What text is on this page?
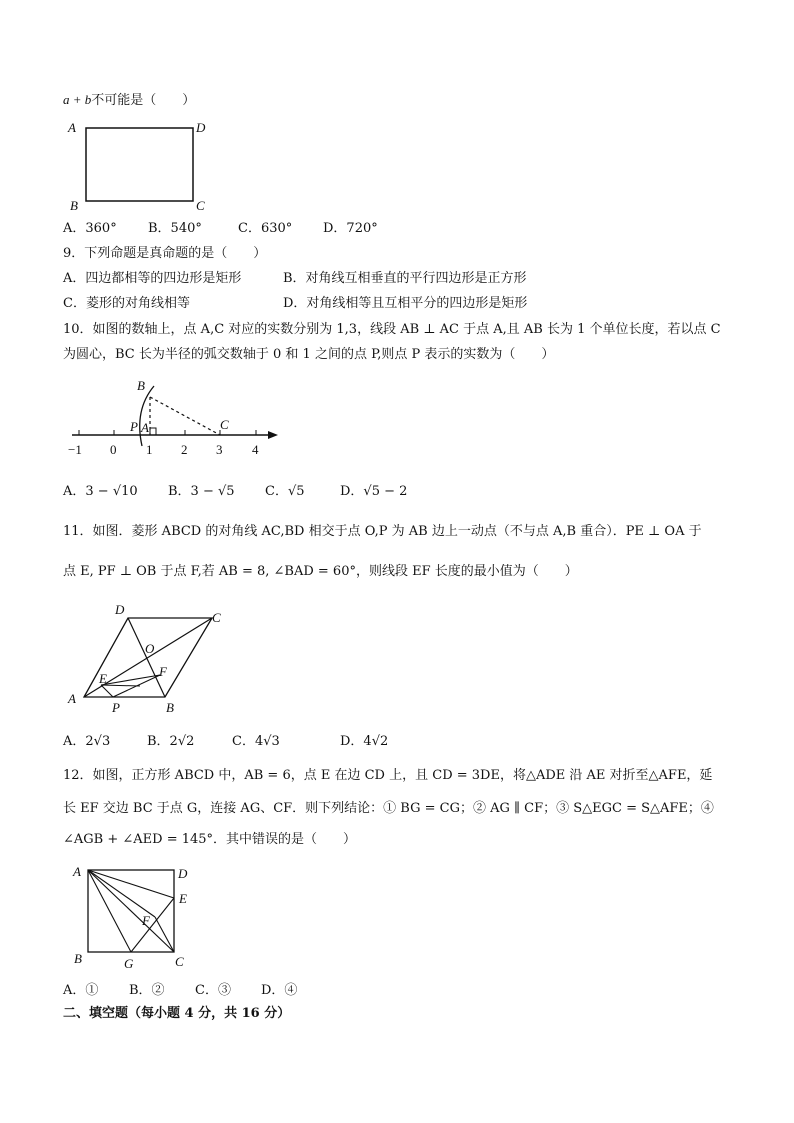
a + b不可能是（　　）
A	D
B	C
A．360° B．540°	C．630° D．720°
9．下列命题是真命题的是（　　）
A．四边都相等的四边形是矩形	B．对角线互相垂直的平行四边形是正方形
C．菱形的对角线相等	D．对角线相等且互相平分的四边形是矩形
10．如图的数轴上，点 A,C 对应的实数分别为 1,3，线段 AB ⊥ AC 于点 A,且 AB 长为 1 个单位长度，若以点 C
为圆心，BC 长为半径的弧交数轴于 0 和 1 之间的点 P,则点 P 表示的实数为（　　）
B
P A	C
−1 0 1 2 3 4
A．3 − √10 B．3 − √5 C．√5	D．√5 − 2
11．如图．菱形 ABCD 的对角线 AC,BD 相交于点 O,P 为 AB 边上一动点（不与点 A,B 重合）．PE ⊥ OA 于
点 E, PF ⊥ OB 于点 F,若 AB = 8, ∠BAD = 60°，则线段 EF 长度的最小值为（　　）
D
C
O
F
E
A
P	B
A．2√3	B．2√2	C．4√3	D．4√2
12．如图，正方形 ABCD 中，AB = 6，点 E 在边 CD 上，且 CD = 3DE，将△ADE 沿 AE 对折至△AFE，延
长 EF 交边 BC 于点 G，连接 AG、CF．则下列结论：① BG = CG；② AG ∥ CF；③ S△EGC = S△AFE；④
∠AGB + ∠AED = 145°．其中错误的是（　　）
A	D
E
F
B	G	C
A．① B．② C．③ D．④
二、填空题（每小题 4 分，共 16 分）
